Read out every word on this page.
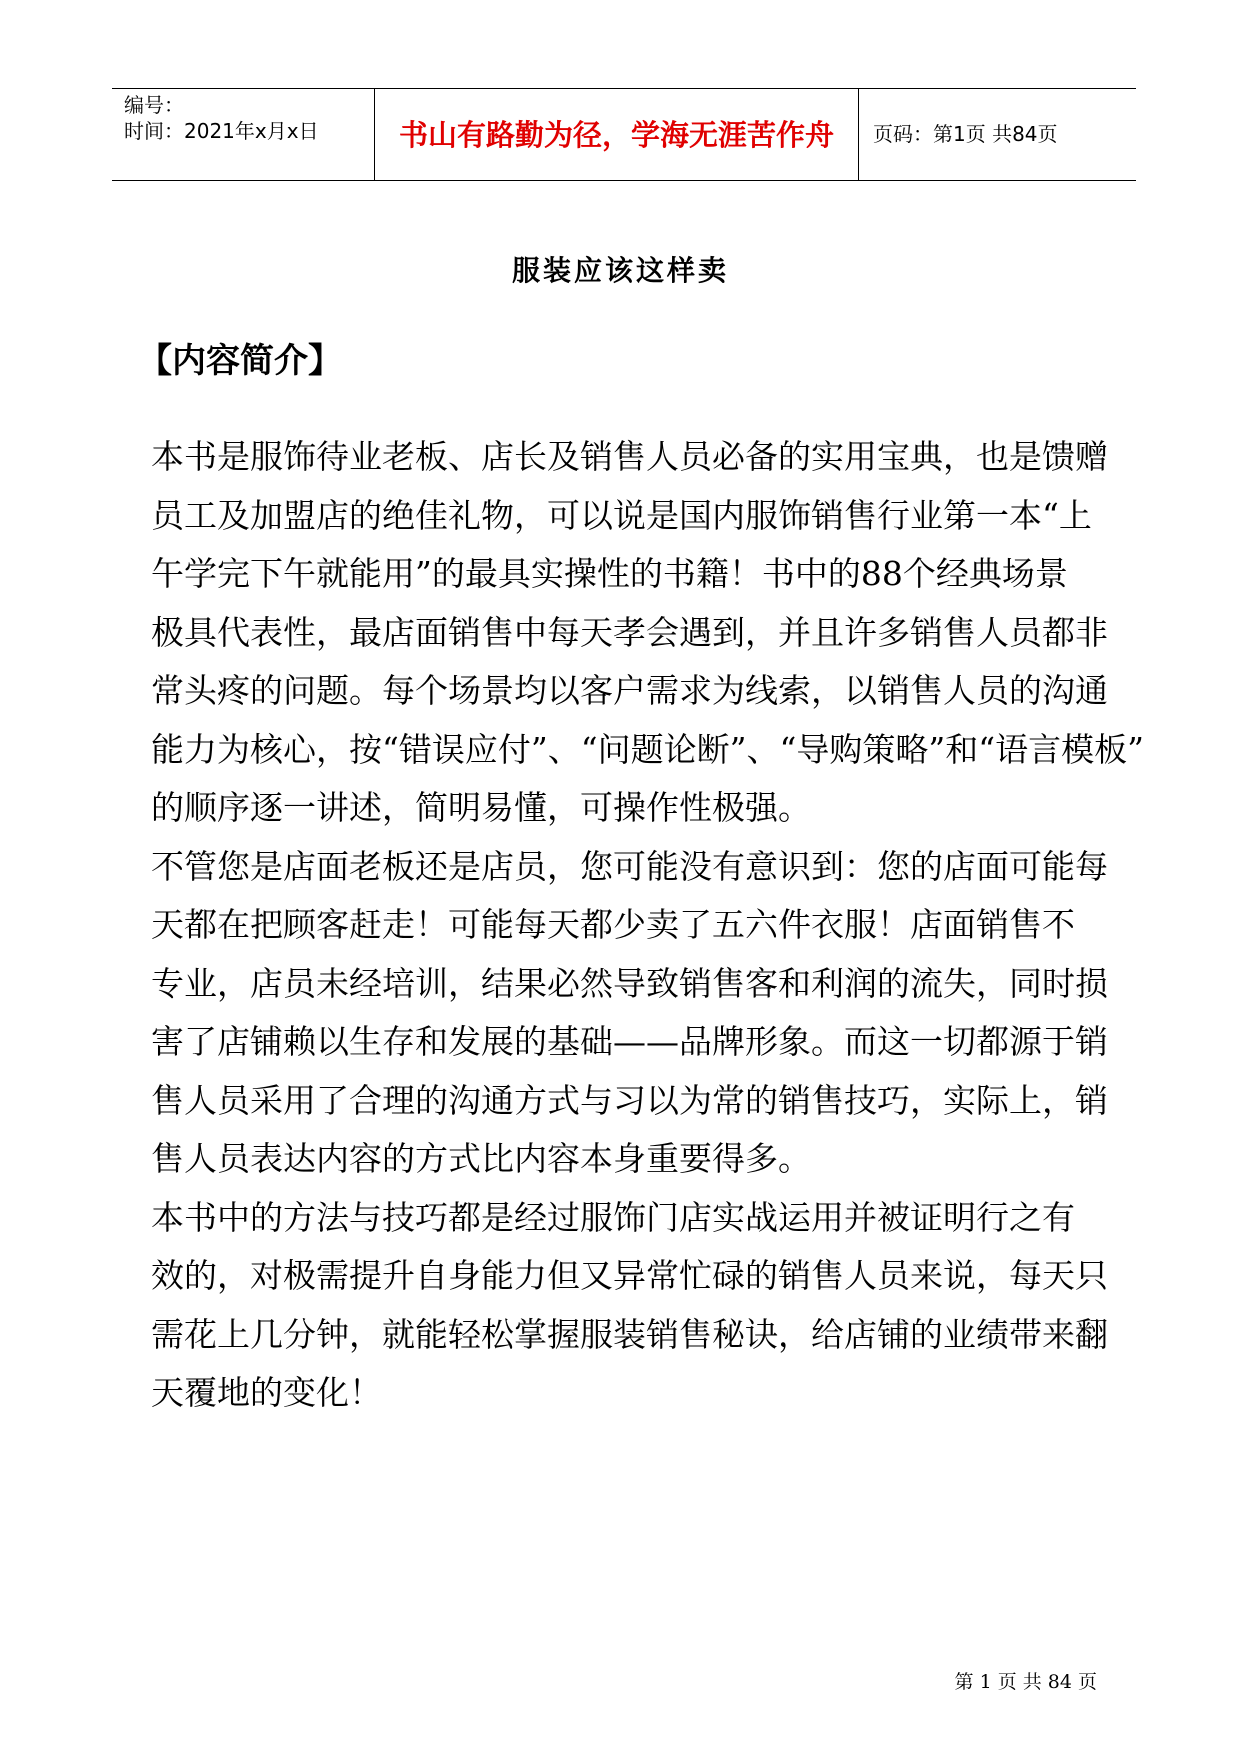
编号：
时间：2021年x月x日	书山有路勤为径，学海无涯苦作舟	页码：第1页 共84页
服装应该这样卖
【内容简介】

本书是服饰待业老板、店长及销售人员必备的实用宝典，也是馈赠
员工及加盟店的绝佳礼物，可以说是国内服饰销售行业第一本“上
午学完下午就能用”的最具实操性的书籍！书中的88个经典场景
极具代表性，最店面销售中每天孝会遇到，并且许多销售人员都非
常头疼的问题。每个场景均以客户需求为线索，以销售人员的沟通
能力为核心，按“错误应付”、“问题论断”、“导购策略”和“语言模板”
的顺序逐一讲述，简明易懂，可操作性极强。

不管您是店面老板还是店员，您可能没有意识到：您的店面可能每
天都在把顾客赶走！可能每天都少卖了五六件衣服！店面销售不
专业，店员未经培训，结果必然导致销售客和利润的流失，同时损
害了店铺赖以生存和发展的基础——品牌形象。而这一切都源于销
售人员采用了合理的沟通方式与习以为常的销售技巧，实际上，销
售人员表达内容的方式比内容本身重要得多。

本书中的方法与技巧都是经过服饰门店实战运用并被证明行之有
效的，对极需提升自身能力但又异常忙碌的销售人员来说，每天只
需花上几分钟，就能轻松掌握服装销售秘诀，给店铺的业绩带来翻
天覆地的变化！

第 1 页 共 84 页
